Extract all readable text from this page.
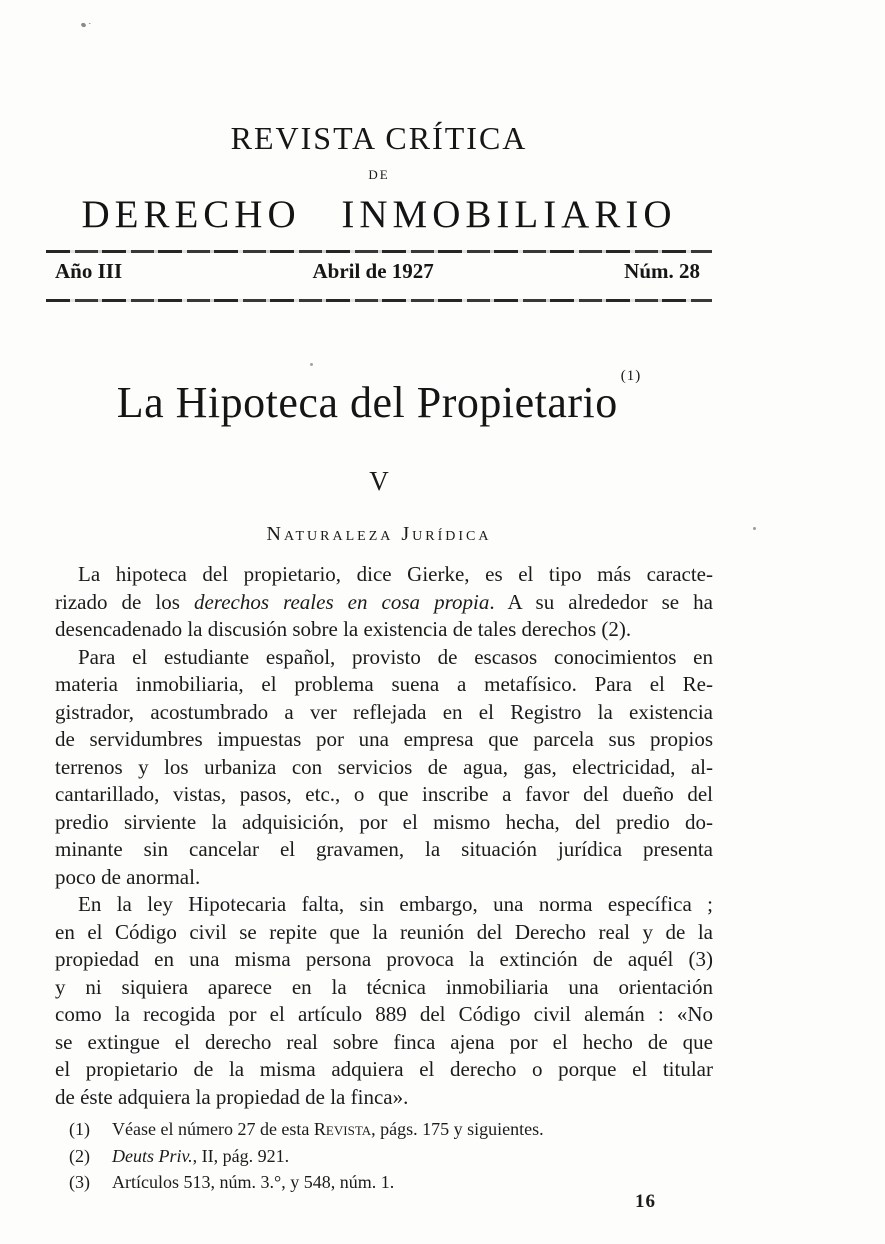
REVISTA CRÍTICA
DE
DERECHO INMOBILIARIO
Año III	Abril de 1927	Núm. 28
La Hipoteca del Propietario$^{(1)}$
V
Naturaleza Jurídica
La hipoteca del propietario, dice Gierke, es el tipo más caracte-
rizado de los derechos reales en cosa propia. A su alrededor se ha
desencadenado la discusión sobre la existencia de tales derechos (2).
Para el estudiante español, provisto de escasos conocimientos en
materia inmobiliaria, el problema suena a metafísico. Para el Re-
gistrador, acostumbrado a ver reflejada en el Registro la existencia
de servidumbres impuestas por una empresa que parcela sus propios
terrenos y los urbaniza con servicios de agua, gas, electricidad, al-
cantarillado, vistas, pasos, etc., o que inscribe a favor del dueño del
predio sirviente la adquisición, por el mismo hecha, del predio do-
minante sin cancelar el gravamen, la situación jurídica presenta
poco de anormal.
En la ley Hipotecaria falta, sin embargo, una norma específica ;
en el Código civil se repite que la reunión del Derecho real y de la
propiedad en una misma persona provoca la extinción de aquél (3)
y ni siquiera aparece en la técnica inmobiliaria una orientación
como la recogida por el artículo 889 del Código civil alemán : «No
se extingue el derecho real sobre finca ajena por el hecho de que
el propietario de la misma adquiera el derecho o porque el titular
de éste adquiera la propiedad de la finca».
(1)	Véase el número 27 de esta Revista, págs. 175 y siguientes.
(2)	Deuts Priv., II, pág. 921.
(3)	Artículos 513, núm. 3.°, y 548, núm. 1.
16
